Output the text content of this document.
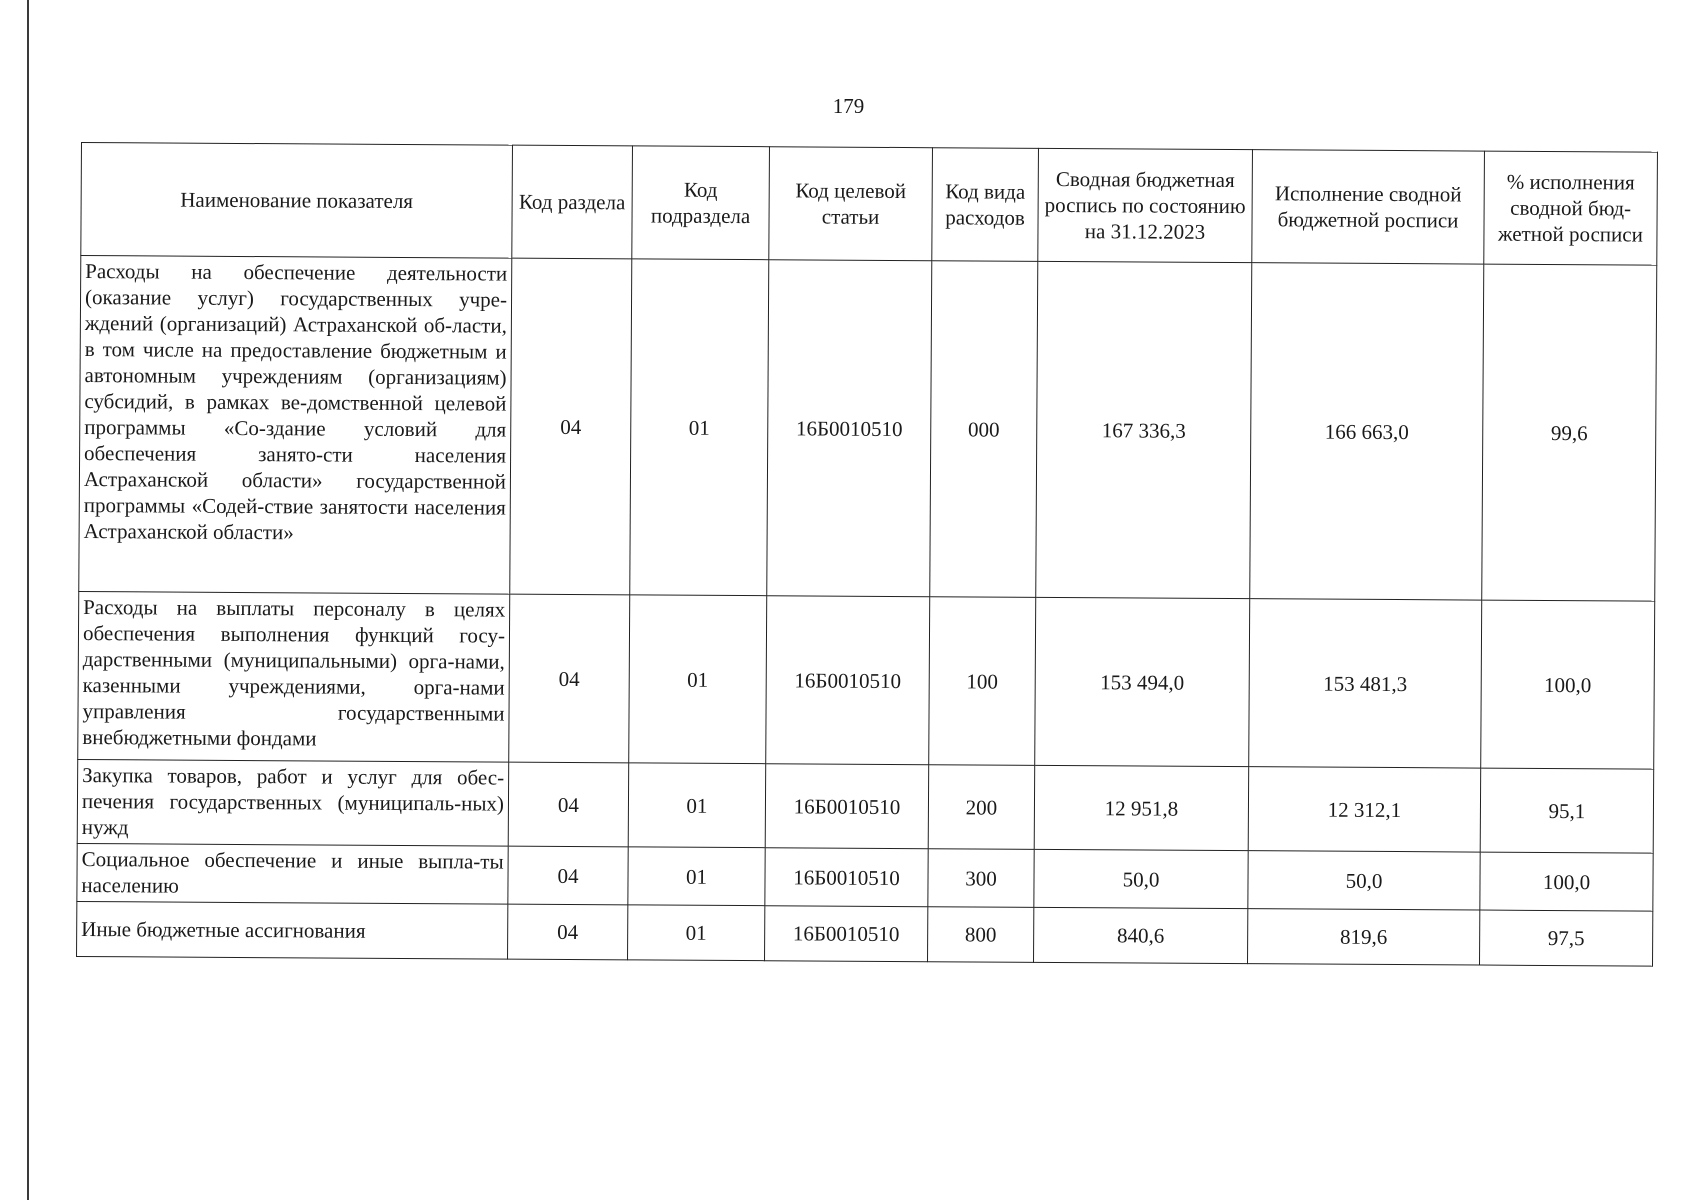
179
Наименование показателя	Код раздела	Код подраздела	Код целевой статьи	Код вида расходов	Сводная бюджетная роспись по состоянию на 31.12.2023	Исполнение сводной бюджетной росписи	% исполнения сводной бюд-жетной росписи
Расходы на обеспечение деятельности (оказание услуг) государственных учре-ждений (организаций) Астраханской об-ласти, в том числе на предоставление бюджетным и автономным учреждениям (организациям) субсидий, в рамках ве-домственной целевой программы «Со-здание условий для обеспечения занято-сти населения Астраханской области» государственной программы «Содей-ствие занятости населения Астраханской области»	04	01	16Б0010510	000	167 336,3	166 663,0	99,6
Расходы на выплаты персоналу в целях обеспечения выполнения функций госу-дарственными (муниципальными) орга-нами, казенными учреждениями, орга-нами управления государственными внебюджетными фондами	04	01	16Б0010510	100	153 494,0	153 481,3	100,0
Закупка товаров, работ и услуг для обес-печения государственных (муниципаль-ных) нужд	04	01	16Б0010510	200	12 951,8	12 312,1	95,1
Социальное обеспечение и иные выпла-ты населению	04	01	16Б0010510	300	50,0	50,0	100,0
Иные бюджетные ассигнования	04	01	16Б0010510	800	840,6	819,6	97,5
